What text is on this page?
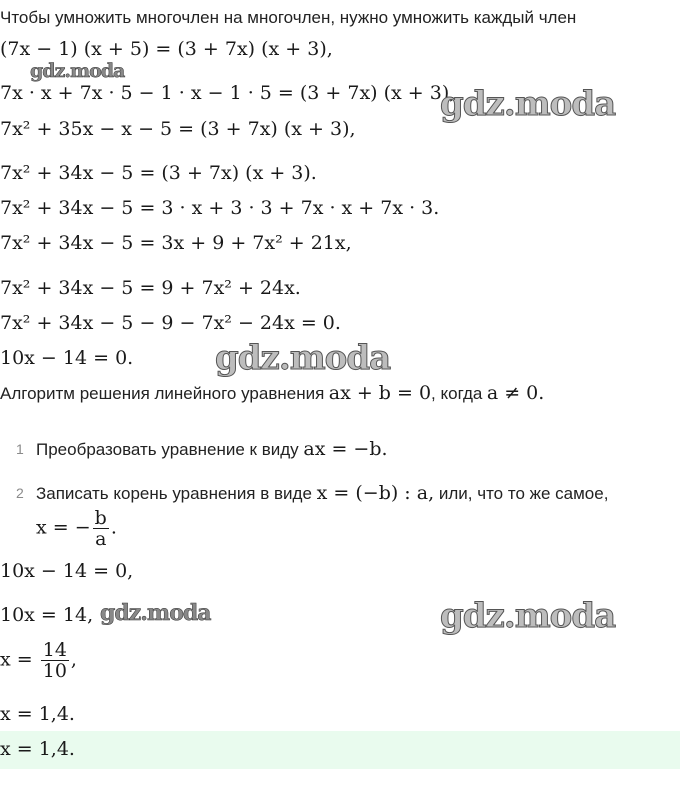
Чтобы умножить многочлен на многочлен, нужно умножить каждый член
(7x − 1) (x + 5) = (3 + 7x) (x + 3),
7x · x + 7x · 5 − 1 · x − 1 · 5 = (3 + 7x) (x + 3),
7x² + 35x − x − 5 = (3 + 7x) (x + 3),
7x² + 34x − 5 = (3 + 7x) (x + 3).
7x² + 34x − 5 = 3 · x + 3 · 3 + 7x · x + 7x · 3.
7x² + 34x − 5 = 3x + 9 + 7x² + 21x,
7x² + 34x − 5 = 9 + 7x² + 24x.
7x² + 34x − 5 − 9 − 7x² − 24x = 0.
10x − 14 = 0.
Алгоритм решения линейного уравнения ax + b = 0, когда a ≠ 0.
1 Преобразовать уравнение к виду ax = −b.
2 Записать корень уравнения в виде x = (−b) : a, или, что то же самое,
x = − $\frac{b}{a}$ .
10x − 14 = 0,
10x = 14,
$x = \frac{14}{10}$ ,
x = 1,4.
x = 1,4.
gdz.moda
gdz.moda
gdz.moda
gdz.moda	gdz.moda
